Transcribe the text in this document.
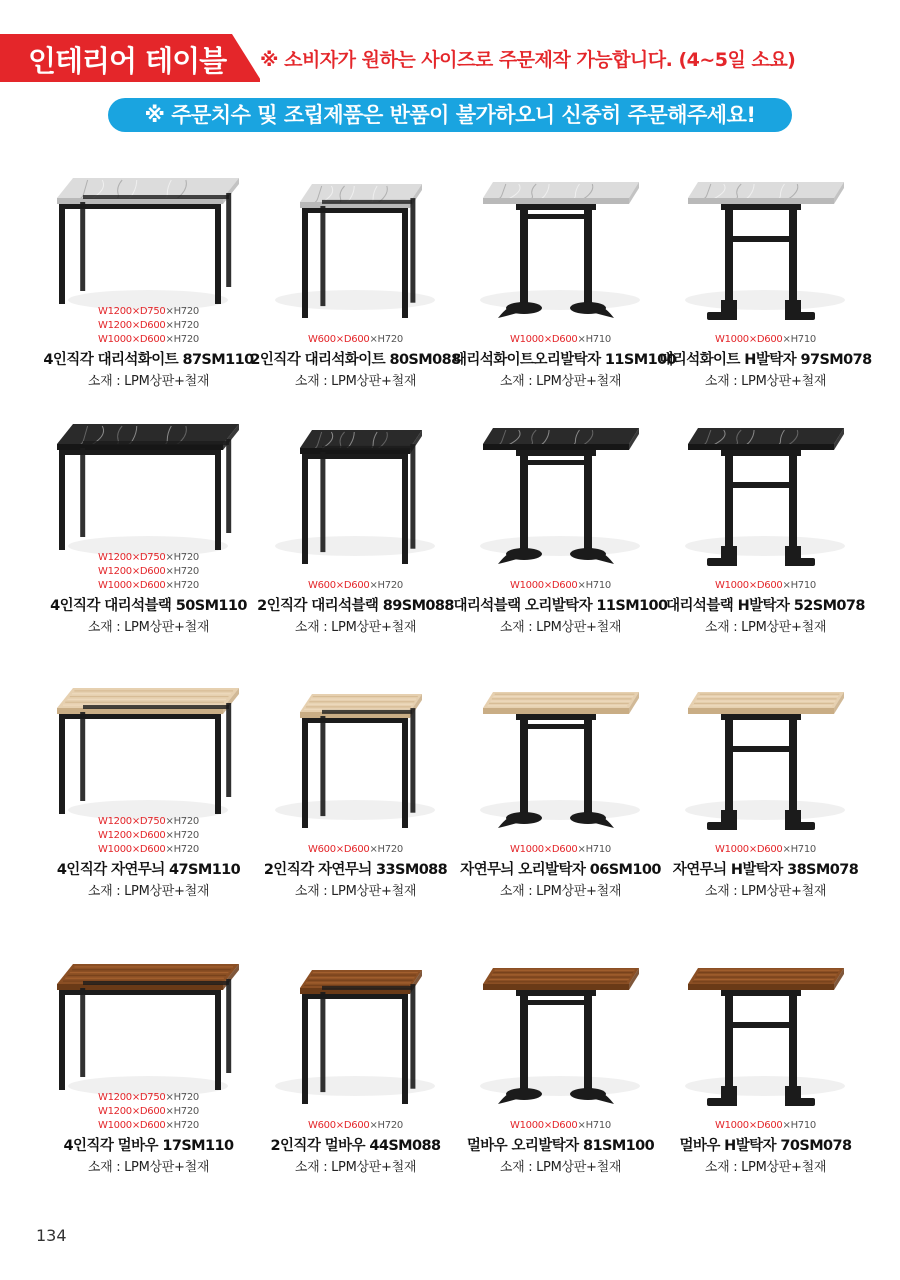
인테리어 테이블 ※ 소비자가 원하는 사이즈로 주문제작 가능합니다. (4~5일 소요)
※ 주문치수 및 조립제품은 반품이 불가하오니 신중히 주문해주세요!
W1200×D750×H720
W1200×D600×H720
W1000×D600×H720
4인직각 대리석화이트 87SM110
소재 : LPM상판+철재
W600×D600×H720
2인직각 대리석화이트 80SM088
소재 : LPM상판+철재
W1000×D600×H710
대리석화이트오리발탁자 11SM100
소재 : LPM상판+철재
W1000×D600×H710
대리석화이트 H발탁자 97SM078
소재 : LPM상판+철재
W1200×D750×H720
W1200×D600×H720
W1000×D600×H720
4인직각 대리석블랙 50SM110
소재 : LPM상판+철재
W600×D600×H720
2인직각 대리석블랙 89SM088
소재 : LPM상판+철재
W1000×D600×H710
대리석블랙 오리발탁자 11SM100
소재 : LPM상판+철재
W1000×D600×H710
대리석블랙 H발탁자 52SM078
소재 : LPM상판+철재
W1200×D750×H720
W1200×D600×H720
W1000×D600×H720
4인직각 자연무늬 47SM110
소재 : LPM상판+철재
W600×D600×H720
2인직각 자연무늬 33SM088
소재 : LPM상판+철재
W1000×D600×H710
자연무늬 오리발탁자 06SM100
소재 : LPM상판+철재
W1000×D600×H710
자연무늬 H발탁자 38SM078
소재 : LPM상판+철재
W1200×D750×H720
W1200×D600×H720
W1000×D600×H720
4인직각 멀바우 17SM110
소재 : LPM상판+철재
W600×D600×H720
2인직각 멀바우 44SM088
소재 : LPM상판+철재
W1000×D600×H710
멀바우 오리발탁자 81SM100
소재 : LPM상판+철재
W1000×D600×H710
멀바우 H발탁자 70SM078
소재 : LPM상판+철재
134
